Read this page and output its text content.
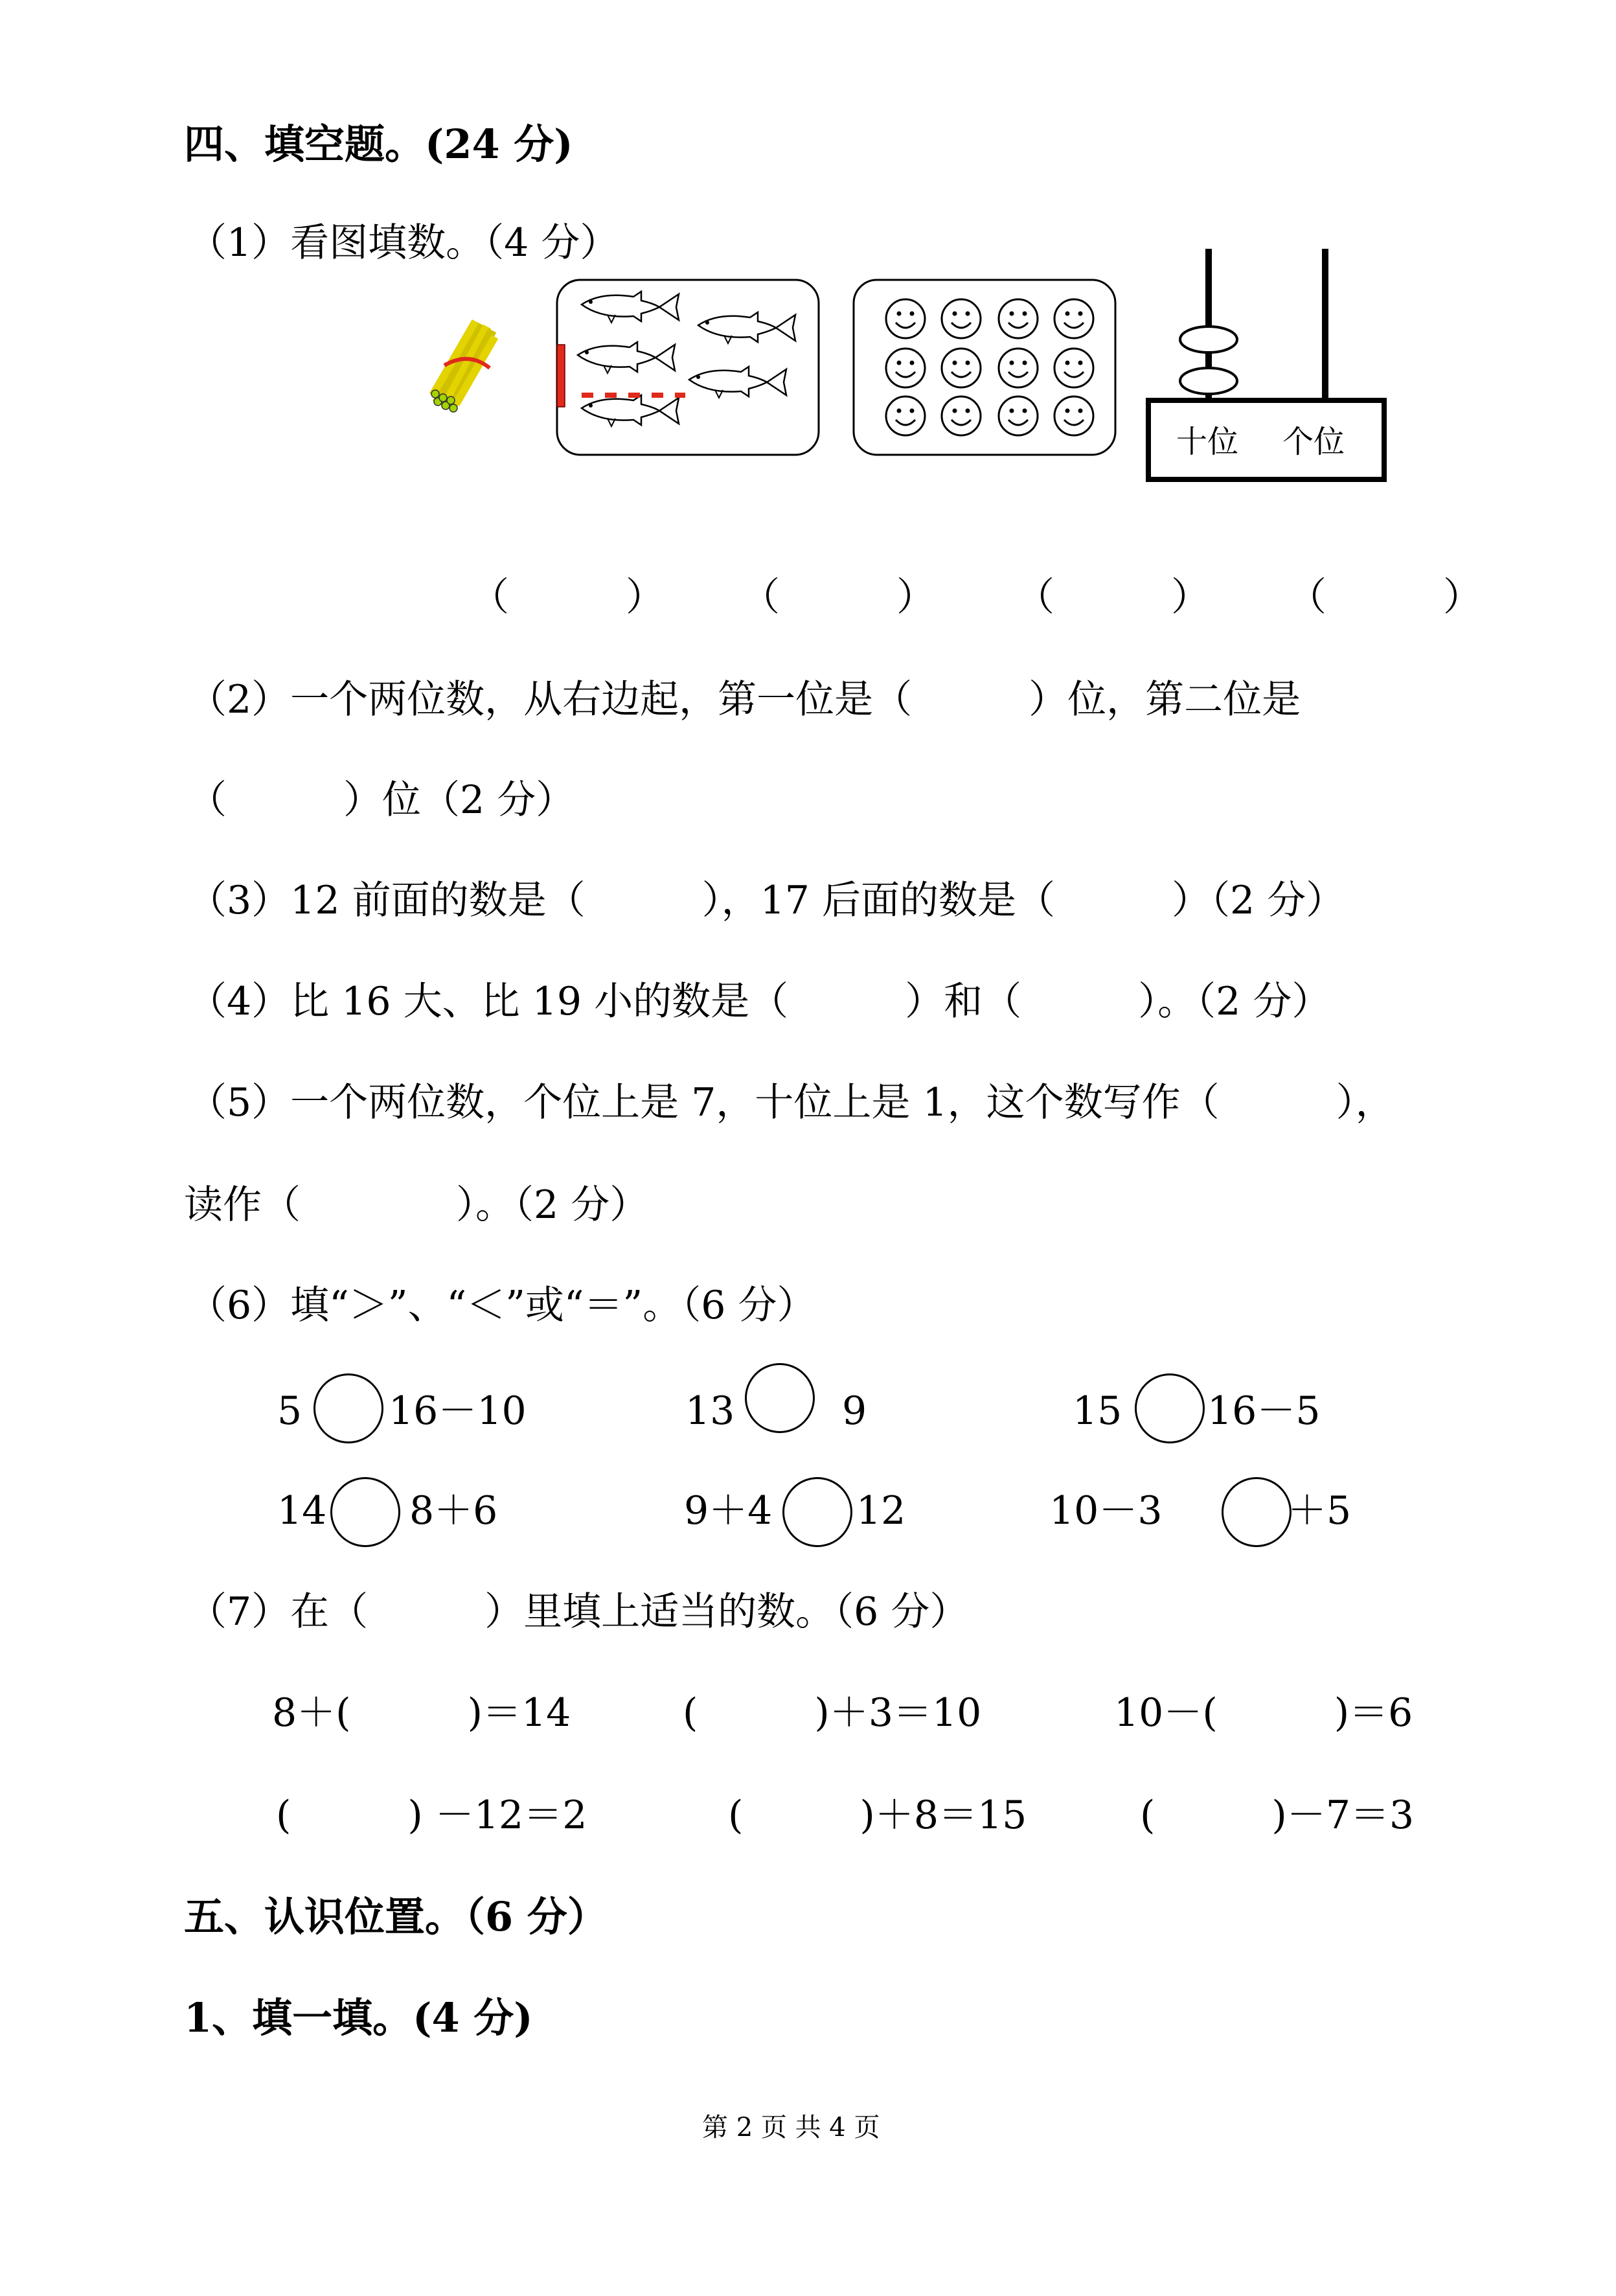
四、填空题。(24 分)
（1）看图填数。（4 分）
十位 个位
（　　　） （　　　） （　　　） （　　　）
（2）一个两位数，从右边起，第一位是（　　　）位，第二位是
（　　　）位（2 分）
（3）12 前面的数是（　　　），17 后面的数是（　　　）（2 分）
（4）比 16 大、比 19 小的数是（　　　）和（　　　）。（2 分）
（5）一个两位数，个位上是 7，十位上是 1，这个数写作（　　　），
读作（　　　　）。（2 分）
（6）填“＞”、“＜”或“＝”。（6 分）
5 16－10	13	9	15 16－5
14 8＋6	9＋4 12	10－3	＋5
（7）在（　　　）里填上适当的数。（6 分）
8＋(　　　)＝14	(　　　)＋3＝10	10－(　　　)＝6
(　　　) －12＝2	(　　　)＋8＝15	(　　　)－7＝3
五、认识位置。（6 分）
1、填一填。(4 分)
第 2 页 共 4 页
